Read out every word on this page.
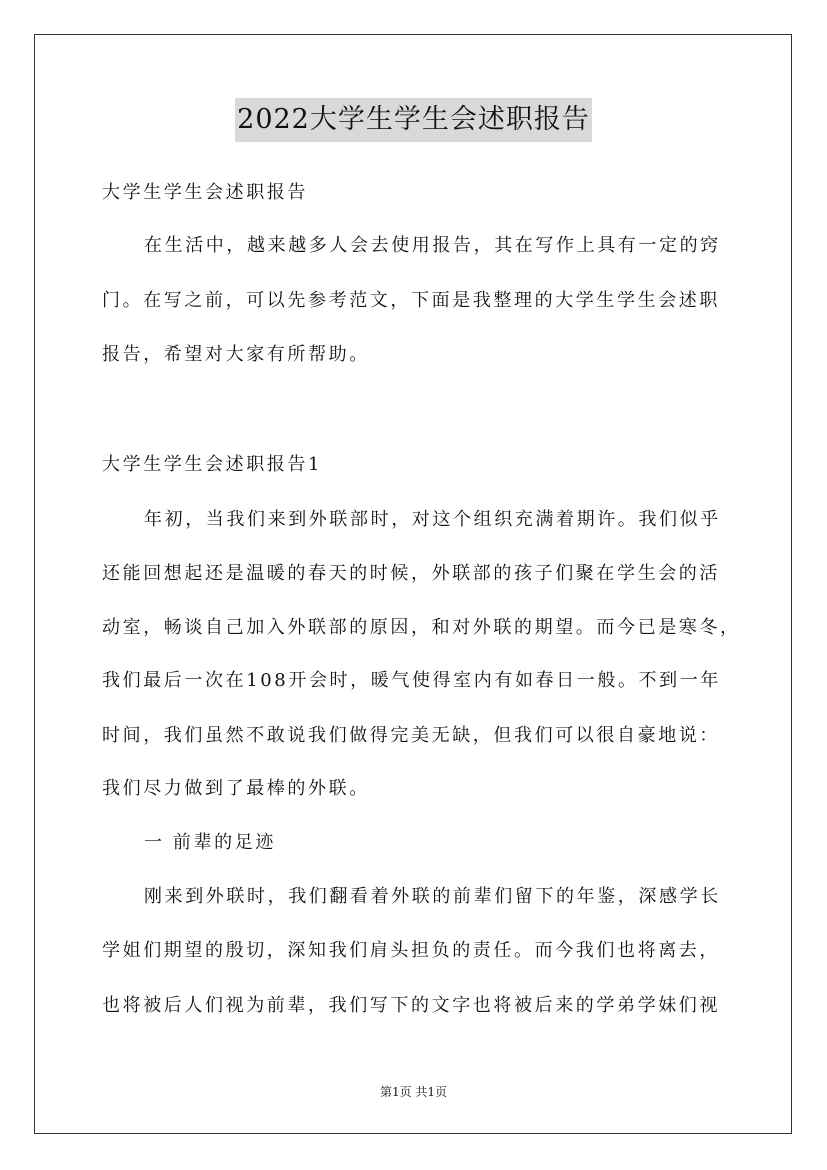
2022大学生学生会述职报告
大学生学生会述职报告
在生活中，越来越多人会去使用报告，其在写作上具有一定的窍
门。在写之前，可以先参考范文，下面是我整理的大学生学生会述职
报告，希望对大家有所帮助。
大学生学生会述职报告1
年初，当我们来到外联部时，对这个组织充满着期许。我们似乎
还能回想起还是温暖的春天的时候，外联部的孩子们聚在学生会的活
动室，畅谈自己加入外联部的原因，和对外联的期望。而今已是寒冬，
我们最后一次在108开会时，暖气使得室内有如春日一般。不到一年
时间，我们虽然不敢说我们做得完美无缺，但我们可以很自豪地说：
我们尽力做到了最棒的外联。
一 前辈的足迹
刚来到外联时，我们翻看着外联的前辈们留下的年鉴，深感学长
学姐们期望的殷切，深知我们肩头担负的责任。而今我们也将离去，
也将被后人们视为前辈，我们写下的文字也将被后来的学弟学妹们视
第1页 共1页
